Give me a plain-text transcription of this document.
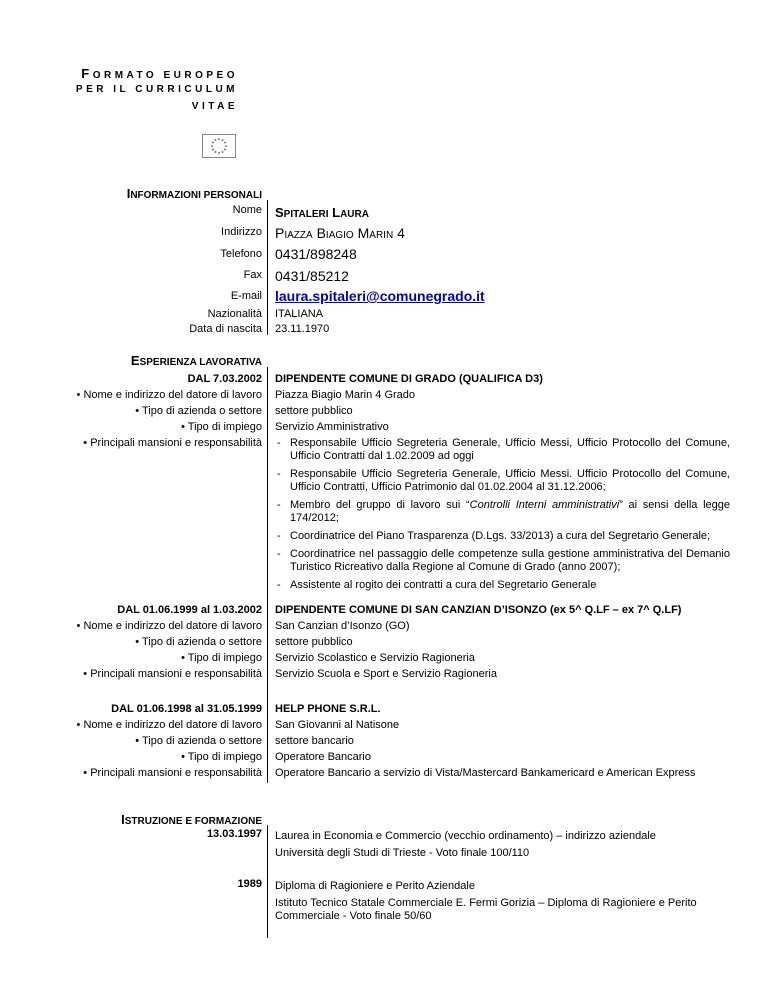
FORMATO EUROPEO
PER IL CURRICULUM
VITAE
INFORMAZIONI PERSONALI
Nome SPITALERI LAURA
Indirizzo PIAZZA BIAGIO MARIN 4
Telefono 0431/898248
Fax 0431/85212
E-mail laura.spitaleri@comunegrado.it
Nazionalità ITALIANA
Data di nascita 23.11.1970
ESPERIENZA LAVORATIVA
DAL 7.03.2002 DIPENDENTE COMUNE DI GRADO (QUALIFICA D3)
• Nome e indirizzo del datore di lavoro Piazza Biagio Marin 4 Grado
• Tipo di azienda o settore settore pubblico
• Tipo di impiego Servizio Amministrativo
• Principali mansioni e responsabilità
-	Responsabile Ufficio Segreteria Generale, Ufficio Messi, Ufficio Protocollo del Comune, Ufficio Contratti dal 1.02.2009 ad oggi
- Responsabile Ufficio Segreteria Generale, Ufficio Messi. Ufficio Protocollo del Comune, Ufficio Contratti, Ufficio Patrimonio dal 01.02.2004 al 31.12.2006;
- Membro del gruppo di lavoro sui “Controlli Interni amministrativi” ai sensi della legge 174/2012;
- Coordinatrice del Piano Trasparenza (D.Lgs. 33/2013) a cura del Segretario Generale;
- Coordinatrice nel passaggio delle competenze sulla gestione amministrativa del Demanio Turistico Ricreativo dalla Regione al Comune di Grado (anno 2007);
- Assistente al rogito dei contratti a cura del Segretario Generale
DAL 01.06.1999 al 1.03.2002 DIPENDENTE COMUNE DI SAN CANZIAN D’ISONZO (ex 5^ Q.LF – ex 7^ Q.LF)
• Nome e indirizzo del datore di lavoro San Canzian d’Isonzo (GO)
• Tipo di azienda o settore settore pubblico
• Tipo di impiego Servizio Scolastico e Servizio Ragioneria
• Principali mansioni e responsabilità Servizio Scuola e Sport e Servizio Ragioneria
DAL 01.06.1998 al 31.05.1999 HELP PHONE S.R.L.
• Nome e indirizzo del datore di lavoro San Giovanni al Natisone
• Tipo di azienda o settore settore bancario
• Tipo di impiego Operatore Bancario
• Principali mansioni e responsabilità Operatore Bancario a servizio di Vista/Mastercard Bankamericard e American Express
ISTRUZIONE E FORMAZIONE
13.03.1997 Laurea in Economia e Commercio (vecchio ordinamento) – indirizzo aziendale
Università degli Studi di Trieste - Voto finale 100/110
1989 Diploma di Ragioniere e Perito Aziendale
Istituto Tecnico Statale Commerciale E. Fermi Gorizia – Diploma di Ragioniere e Perito Commerciale - Voto finale 50/60
